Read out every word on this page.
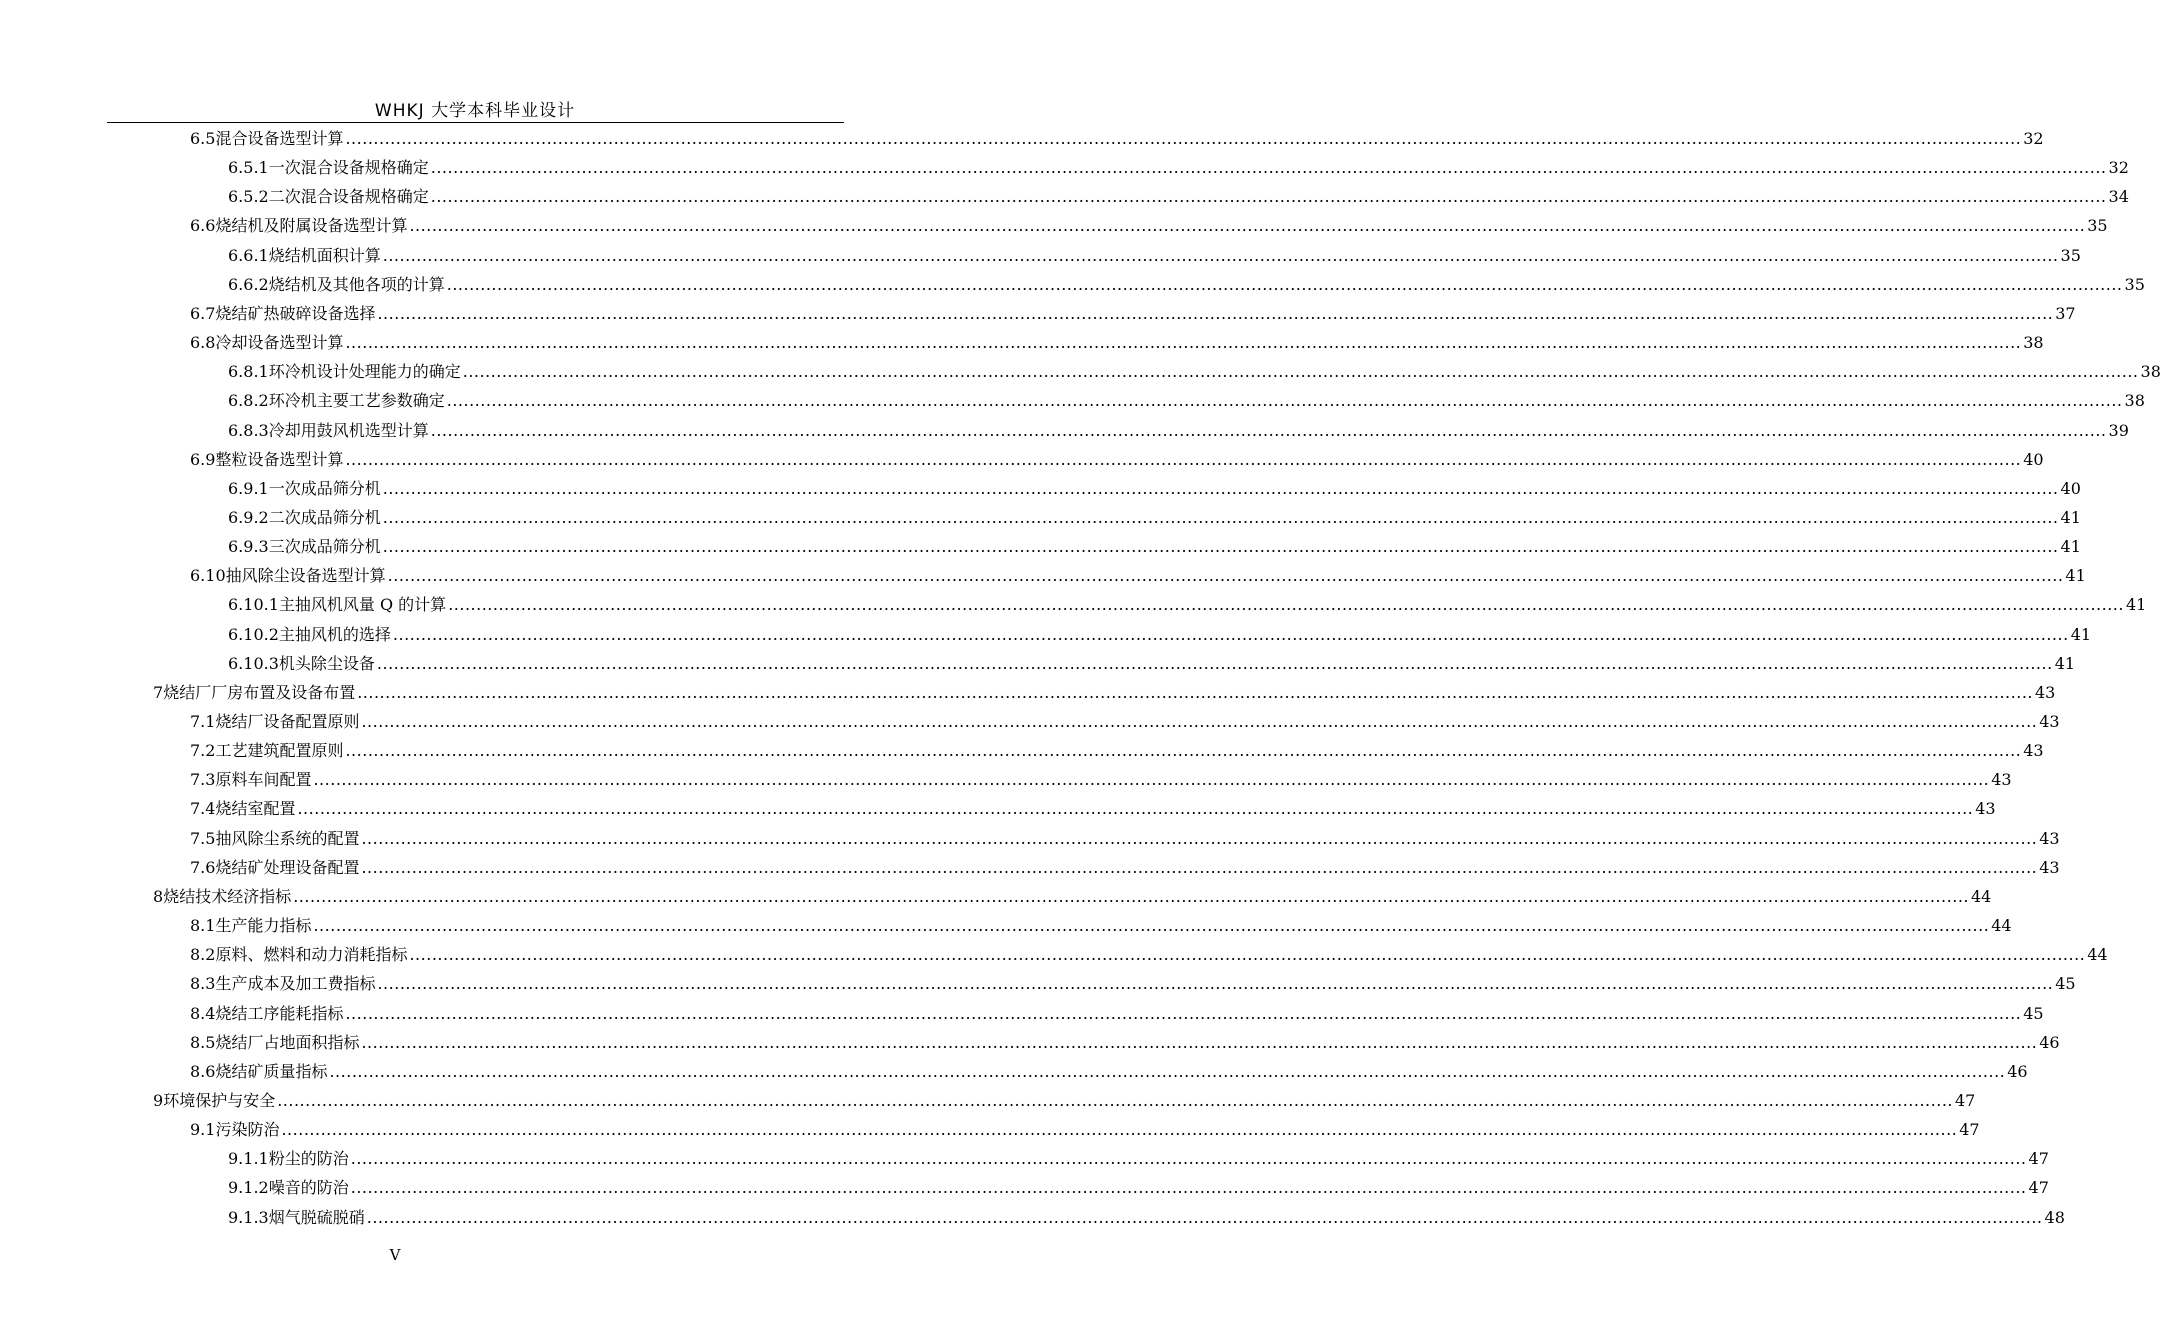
WHKJ 大学本科毕业设计
6.5 混合设备选型计算 ............................................................................................................................................................................................................................................................................................................ 32
6.5.1 一次混合设备规格确定 ............................................................................................................................................................................................................................................................................................................ 32
6.5.2 二次混合设备规格确定 ............................................................................................................................................................................................................................................................................................................ 34
6.6 烧结机及附属设备选型计算 ............................................................................................................................................................................................................................................................................................................ 35
6.6.1 烧结机面积计算 ............................................................................................................................................................................................................................................................................................................ 35
6.6.2 烧结机及其他各项的计算 ............................................................................................................................................................................................................................................................................................................ 35
6.7 烧结矿热破碎设备选择 ............................................................................................................................................................................................................................................................................................................ 37
6.8 冷却设备选型计算 ............................................................................................................................................................................................................................................................................................................ 38
6.8.1 环冷机设计处理能力的确定 ............................................................................................................................................................................................................................................................................................................ 38
6.8.2 环冷机主要工艺参数确定 ............................................................................................................................................................................................................................................................................................................ 38
6.8.3 冷却用鼓风机选型计算 ............................................................................................................................................................................................................................................................................................................ 39
6.9 整粒设备选型计算 ............................................................................................................................................................................................................................................................................................................ 40
6.9.1 一次成品筛分机 ............................................................................................................................................................................................................................................................................................................ 40
6.9.2 二次成品筛分机 ............................................................................................................................................................................................................................................................................................................ 41
6.9.3 三次成品筛分机 ............................................................................................................................................................................................................................................................................................................ 41
6.10 抽风除尘设备选型计算 ............................................................................................................................................................................................................................................................................................................ 41
6.10.1 主抽风机风量 Q 的计算 ............................................................................................................................................................................................................................................................................................................ 41
6.10.2 主抽风机的选择 ............................................................................................................................................................................................................................................................................................................ 41
6.10.3 机头除尘设备 ............................................................................................................................................................................................................................................................................................................ 41
7 烧结厂厂房布置及设备布置 ............................................................................................................................................................................................................................................................................................................ 43
7.1 烧结厂设备配置原则 ............................................................................................................................................................................................................................................................................................................ 43
7.2 工艺建筑配置原则 ............................................................................................................................................................................................................................................................................................................ 43
7.3 原料车间配置 ............................................................................................................................................................................................................................................................................................................ 43
7.4 烧结室配置 ............................................................................................................................................................................................................................................................................................................ 43
7.5 抽风除尘系统的配置 ............................................................................................................................................................................................................................................................................................................ 43
7.6 烧结矿处理设备配置 ............................................................................................................................................................................................................................................................................................................ 43
8 烧结技术经济指标 ............................................................................................................................................................................................................................................................................................................ 44
8.1 生产能力指标 ............................................................................................................................................................................................................................................................................................................ 44
8.2 原料、燃料和动力消耗指标 ............................................................................................................................................................................................................................................................................................................ 44
8.3 生产成本及加工费指标 ............................................................................................................................................................................................................................................................................................................ 45
8.4 烧结工序能耗指标 ............................................................................................................................................................................................................................................................................................................ 45
8.5 烧结厂占地面积指标 ............................................................................................................................................................................................................................................................................................................ 46
8.6 烧结矿质量指标 ............................................................................................................................................................................................................................................................................................................ 46
9 环境保护与安全 ............................................................................................................................................................................................................................................................................................................ 47
9.1 污染防治 ............................................................................................................................................................................................................................................................................................................ 47
9.1.1 粉尘的防治 ............................................................................................................................................................................................................................................................................................................ 47
9.1.2 噪音的防治 ............................................................................................................................................................................................................................................................................................................ 47
9.1.3 烟气脱硫脱硝 ............................................................................................................................................................................................................................................................................................................ 48
V
